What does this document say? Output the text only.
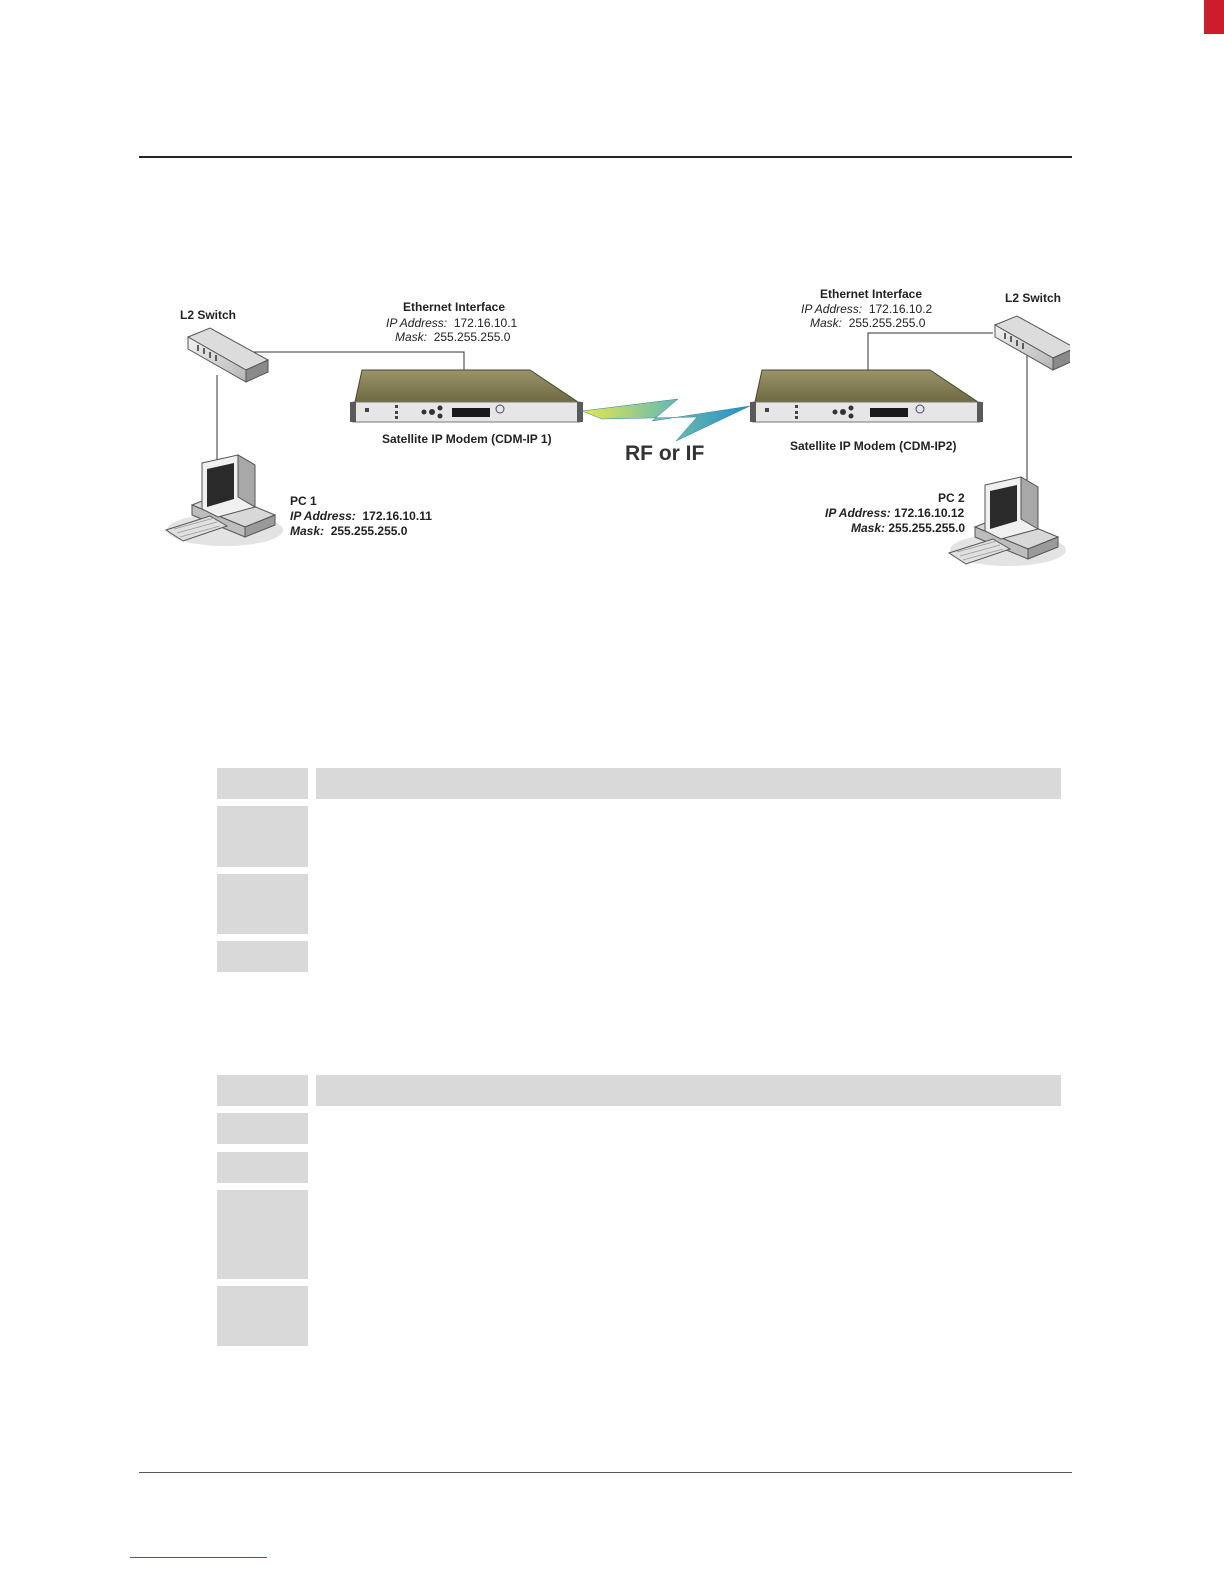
L2 Switch
L2 Switch
Ethernet Interface
IP Address: 172.16.10.1
Mask: 255.255.255.0
Ethernet Interface
IP Address: 172.16.10.2
Mask: 255.255.255.0
Satellite IP Modem (CDM-IP 1)	Satellite IP Modem (CDM-IP2)
RF or IF
PC 1
IP Address: 172.16.10.11
Mask: 255.255.255.0
PC 2
IP Address: 172.16.10.12
Mask: 255.255.255.0
